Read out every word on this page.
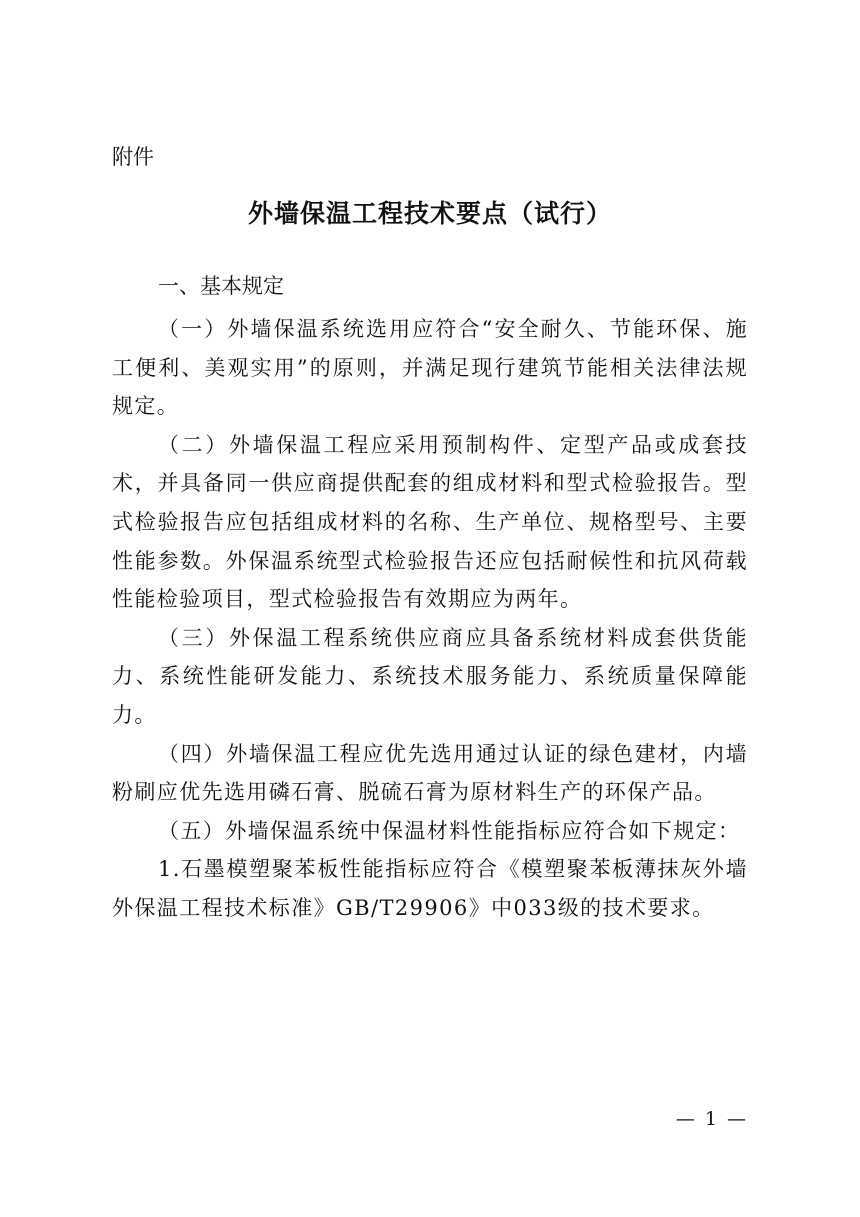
附件
外墙保温工程技术要点（试行）
一、基本规定

（一）外墙保温系统选用应符合“安全耐久、节能环保、施工便利、美观实用”的原则，并满足现行建筑节能相关法律法规规定。

（二）外墙保温工程应采用预制构件、定型产品或成套技术，并具备同一供应商提供配套的组成材料和型式检验报告。型式检验报告应包括组成材料的名称、生产单位、规格型号、主要性能参数。外保温系统型式检验报告还应包括耐候性和抗风荷载性能检验项目，型式检验报告有效期应为两年。

（三）外保温工程系统供应商应具备系统材料成套供货能力、系统性能研发能力、系统技术服务能力、系统质量保障能力。

（四）外墙保温工程应优先选用通过认证的绿色建材，内墙粉刷应优先选用磷石膏、脱硫石膏为原材料生产的环保产品。

（五）外墙保温系统中保温材料性能指标应符合如下规定：

1.石墨模塑聚苯板性能指标应符合《模塑聚苯板薄抹灰外墙外保温工程技术标准》GB/T29906》中033级的技术要求。

— 1 —
